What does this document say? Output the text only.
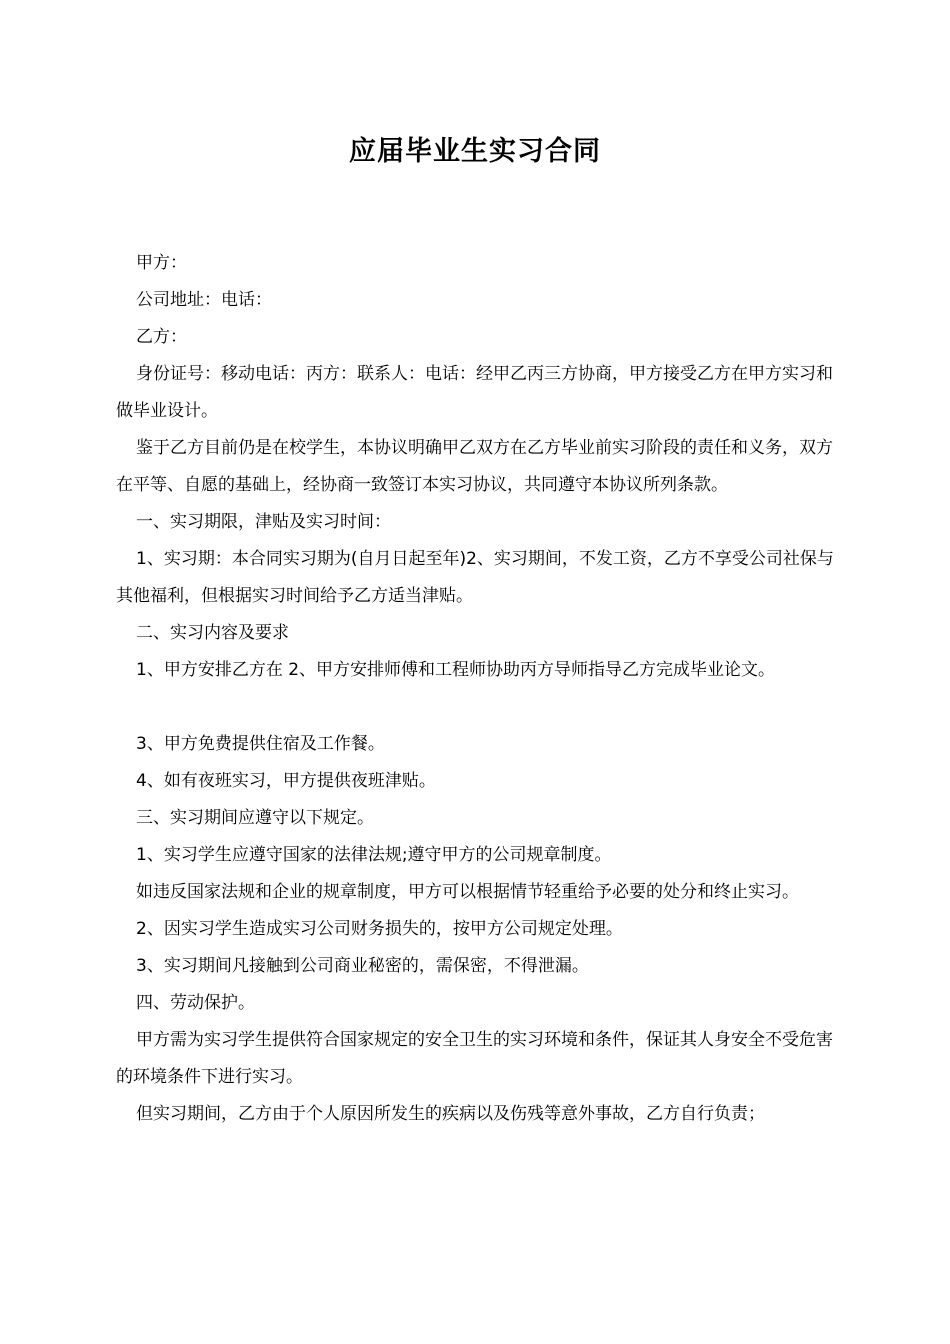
应届毕业生实习合同

甲方：

公司地址：电话：

乙方：

身份证号：移动电话：丙方：联系人：电话：经甲乙丙三方协商，甲方接受乙方在甲方实习和做毕业设计。

鉴于乙方目前仍是在校学生，本协议明确甲乙双方在乙方毕业前实习阶段的责任和义务，双方在平等、自愿的基础上，经协商一致签订本实习协议，共同遵守本协议所列条款。

一、实习期限，津贴及实习时间：

1、实习期：本合同实习期为(自月日起至年)2、实习期间，不发工资，乙方不享受公司社保与其他福利，但根据实习时间给予乙方适当津贴。

二、实习内容及要求

1、甲方安排乙方在 2、甲方安排师傅和工程师协助丙方导师指导乙方完成毕业论文。

3、甲方免费提供住宿及工作餐。

4、如有夜班实习，甲方提供夜班津贴。

三、实习期间应遵守以下规定。

1、实习学生应遵守国家的法律法规;遵守甲方的公司规章制度。

如违反国家法规和企业的规章制度，甲方可以根据情节轻重给予必要的处分和终止实习。

2、因实习学生造成实习公司财务损失的，按甲方公司规定处理。

3、实习期间凡接触到公司商业秘密的，需保密，不得泄漏。

四、劳动保护。

甲方需为实习学生提供符合国家规定的安全卫生的实习环境和条件，保证其人身安全不受危害的环境条件下进行实习。

但实习期间，乙方由于个人原因所发生的疾病以及伤残等意外事故，乙方自行负责；
